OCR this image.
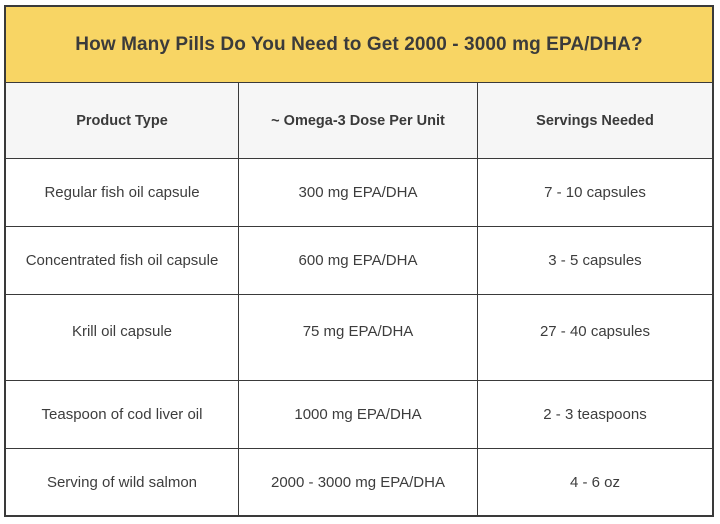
How Many Pills Do You Need to Get 2000 - 3000 mg EPA/DHA?
Product Type	~ Omega-3 Dose Per Unit	Servings Needed
Regular fish oil capsule	300 mg EPA/DHA	7 - 10 capsules
Concentrated fish oil capsule	600 mg EPA/DHA	3 - 5 capsules
Krill oil capsule	75 mg EPA/DHA	27 - 40 capsules
Teaspoon of cod liver oil	1000 mg EPA/DHA	2 - 3 teaspoons
Serving of wild salmon	2000 - 3000 mg EPA/DHA	4 - 6 oz
